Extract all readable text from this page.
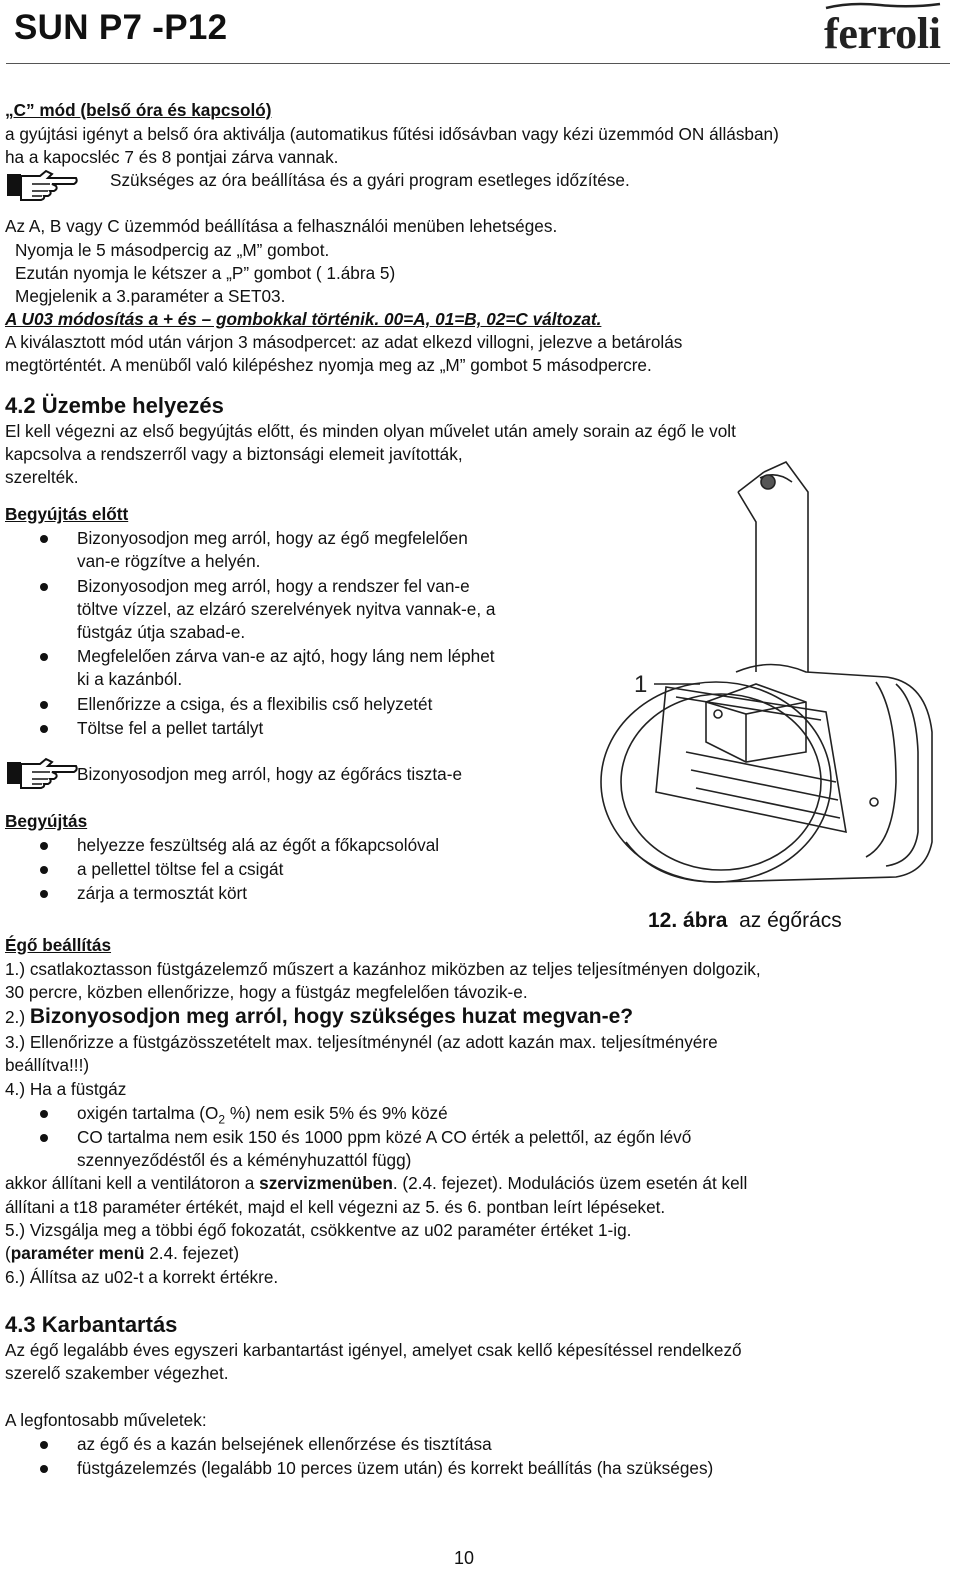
SUN P7 -P12	ferroli
„C” mód (belső óra és kapcsoló)
a gyújtási igényt a belső óra aktiválja (automatikus fűtési idősávban vagy kézi üzemmód ON állásban)
ha a kapocsléc 7 és 8 pontjai zárva vannak.
Szükséges az óra beállítása és a gyári program esetleges időzítése.
Az A, B vagy C üzemmód beállítása a felhasználói menüben lehetséges.
Nyomja le 5 másodpercig az „M” gombot.
Ezután nyomja le kétszer a „P” gombot ( 1.ábra 5)
Megjelenik a 3.paraméter a SET03.
A U03 módosítás a + és – gombokkal történik. 00=A, 01=B, 02=C változat.
A kiválasztott mód után várjon 3 másodpercet: az adat elkezd villogni, jelezve a betárolás
megtörténtét. A menüből való kilépéshez nyomja meg az „M” gombot 5 másodpercre.
4.2 Üzembe helyezés
El kell végezni az első begyújtás előtt, és minden olyan művelet után amely sorain az égő le volt
kapcsolva a rendszerről vagy a biztonsági elemeit javították,
szerelték.
Begyújtás előtt
Bizonyosodjon meg arról, hogy az égő megfelelően
van-e rögzítve a helyén.
Bizonyosodjon meg arról, hogy a rendszer fel van-e
töltve vízzel, az elzáró szerelvények nyitva vannak-e, a
füstgáz útja szabad-e.
Megfelelően zárva van-e az ajtó, hogy láng nem léphet
ki a kazánból.
Ellenőrizze a csiga, és a flexibilis cső helyzetét
Töltse fel a pellet tartályt
Bizonyosodjon meg arról, hogy az égőrács tiszta-e
Begyújtás
helyezze feszültség alá az égőt a főkapcsolóval
a pellettel töltse fel a csigát
zárja a termosztát kört
1
12. ábra az égőrács
Égő beállítás
1.) csatlakoztasson füstgázelemző műszert a kazánhoz miközben az teljes teljesítményen dolgozik,
30 percre, közben ellenőrizze, hogy a füstgáz megfelelően távozik-e.
2.) Bizonyosodjon meg arról, hogy szükséges huzat megvan-e?
3.) Ellenőrizze a füstgázösszetételt max. teljesítménynél (az adott kazán max. teljesítményére
beállítva!!!)
4.) Ha a füstgáz
oxigén tartalma ($O_2$ %) nem esik 5% és 9% közé
CO tartalma nem esik 150 és 1000 ppm közé A CO érték a pelettől, az égőn lévő
szennyeződéstől és a kéményhuzattól függ)
akkor állítani kell a ventilátoron a szervizmenüben. (2.4. fejezet). Modulációs üzem esetén át kell
állítani a t18 paraméter értékét, majd el kell végezni az 5. és 6. pontban leírt lépéseket.
5.) Vizsgálja meg a többi égő fokozatát, csökkentve az u02 paraméter értéket 1-ig.
(paraméter menü 2.4. fejezet)
6.) Állítsa az u02-t a korrekt értékre.
4.3 Karbantartás
Az égő legalább éves egyszeri karbantartást igényel, amelyet csak kellő képesítéssel rendelkező
szerelő szakember végezhet.
A legfontosabb műveletek:
az égő és a kazán belsejének ellenőrzése és tisztítása
füstgázelemzés (legalább 10 perces üzem után) és korrekt beállítás (ha szükséges)
10
